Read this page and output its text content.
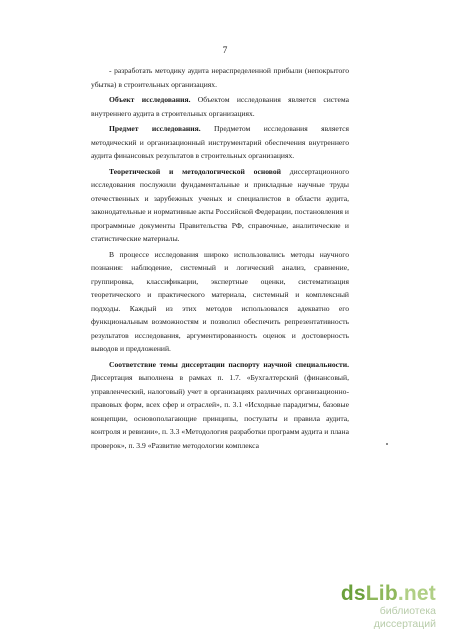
7

- разработать методику аудита нераспределенной прибыли (непокрытого убытка) в строительных организациях.

Объект исследования. Объектом исследования является система внутреннего аудита в строительных организациях.

Предмет исследования. Предметом исследования является методический и организационный инструментарий обеспечения внутреннего аудита финансовых результатов в строительных организациях.

Теоретической и методологической основой диссертационного исследования послужили фундаментальные и прикладные научные труды отечественных и зарубежных ученых и специалистов в области аудита, законодательные и нормативные акты Российской Федерации, постановления и программные документы Правительства РФ, справочные, аналитические и статистические материалы.

В процессе исследования широко использовались методы научного познания: наблюдение, системный и логический анализ, сравнение, группировка, классификации, экспертные оценки, систематизация теоретического и практического материала, системный и комплексный подходы. Каждый из этих методов использовался адекватно его функциональным возможностям и позволил обеспечить репрезентативность результатов исследования, аргументированность оценок и достоверность выводов и предложений.

Соответствие темы диссертации паспорту научной специальности. Диссертация выполнена в рамках п. 1.7. «Бухгалтерский (финансовый, управленческий, налоговый) учет в организациях различных организационно-правовых форм, всех сфер и отраслей», п. 3.1 «Исходные парадигмы, базовые концепции, основополагающие принципы, постулаты и правила аудита, контроля и ревизии», п. 3.3 «Методология разработки программ аудита и плана проверок», п. 3.9 «Развитие методологии комплекса

dsLib.net
библиотека диссертаций
